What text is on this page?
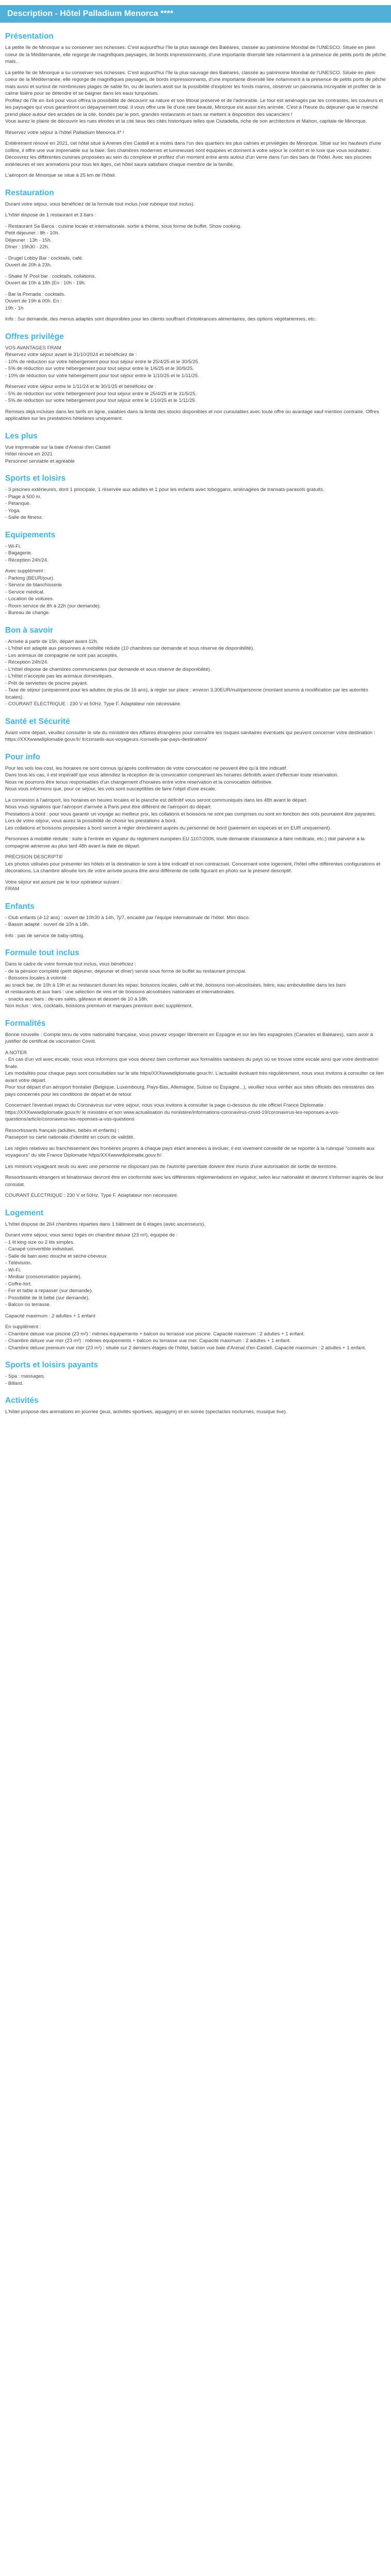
Description - Hôtel Palladium Menorca ****
Présentation

La petite île de Minorque a su conserver ses richesses. C'est aujourd'hui l'île la plus sauvage des Baléares, classée au patrimoine Mondial de l'UNESCO. Située en plein coeur de la Méditerranée, elle regorge de magnifiques paysages, de bords impressionnants, d'une importante diversité liée notamment à la présence de petits ports de pêche mais...

La petite île de Minorque a su conserver ses richesses. C'est aujourd'hui l'île la plus sauvage des Baléares, classée au patrimoine Mondial de l'UNESCO. Située en plein coeur de la Méditerranée, elle regorge de magnifiques paysages, de bords impressionnants, d'une importante diversité liée notamment à la présence de petits ports de pêche mais aussi et surtout de nombreuses plages de sable fin, ou de lauriers assit sur la possibilité d'explorer les fonds marins, observer un panorama incroyable et profiter de la calme lisière pour se détendre et se baigner dans les eaux turquoises.

Profitez de l'île en 4x4 pour vous offrira la possibilité de découvrir sa nature et son littoral préservé et de l'admirable. Le tour est aménagés par les contrastes, les couleurs et les paysages qui vous garantiront un dépaysement total. Il vous offre une île d'une rare beauté, Minorque est aussi très animée. C'est à l'heure du déjeuner que le marché prend place autour des arcades de la cité, bondés par le port, grandes restaurants et bars se mettent à disposition des vacanciers !

Vous aurez le plaisir de découvrir les rues étroites et la cité lieux des cités historiques telles que Ciutadella, riche de son architecture et Mahon, capitale de Minorque.

Réservez votre séjour à l'hôtel Palladium Menorca 4* !

Entièrement rénové en 2021, cet hôtel situé à Arenes d'en Castell et à moins dans l'un des quartiers les plus calmes et privilégiés de Minorque. Situé sur les hauteurs d'une colline, il offre une vue imprenable sur la baie. Ses chambres modernes et lumineuses sont équipées et donnent à votre séjour le confort et le luxe que vous souhaitez. Découvrez les différentes cuisines proposées au sein du complexe et profitez d'un moment entre amis autour d'un verre dans l'un des bars de l'hôtel. Avec ses piscines extérieures et ses animations pour tous les âges, cet hôtel saura satisfaire chaque membre de la famille.

L'aéroport de Minorque se situe à 25 km de l'hôtel.

Restauration

Durant votre séjour, vous bénéficiez de la formule tout inclus (voir rubrique tout inclus).

L'hôtel dispose de 1 restaurant et 3 bars :

- Restaurant Sa Barca : cuisine locale et internationale, sortie à thème, sous forme de buffet. Show cooking.

Petit déjeuner : 8h - 10h.

Déjeuner : 13h - 15h.

Dîner : 19h30 - 22h.

- Drugel Lobby Bar : cocktails, café.

Ouvert de 20h à 23h.

- Shake N' Pool bar : cocktails, collations.

Ouvert de 10h à 18h (En : 10h - 19h.

- Bar la Pomada : cocktails.

Ouvert de 19h à 00h. En :

19h - 1h

Info : Sur demande, des menus adaptés sont disponibles pour les clients souffrant d'intolérances alimentaires, des options végétariennes, etc.

Offres privilège

VOS AVANTAGES FRAM

Réservez votre séjour avant le 31/10/2024 et bénéficiez de :

- 10% de réduction sur votre hébergement pour tout séjour entre le 25/4/25 et le 30/5/25.

- 5% de réduction sur votre hébergement pour tout séjour entre le 1/6/25 et le 30/9/25.

- 10% de réduction sur votre hébergement pour tout séjour entre le 1/10/25 et le 1/11/25.

Réservez votre séjour entre le 1/11/24 et le 30/1/25 et bénéficiez de :

- 5% de réduction sur votre hébergement pour tout séjour entre le 25/4/25 et le 31/5/25.

- 5% de réduction sur votre hébergement pour tout séjour entre le 1/10/25 et le 1/11/25.

Remises déjà incluses dans les tarifs en ligne, valables dans la limite des stocks disponibles et non cumulables avec toute offre ou avantage sauf mention contraire. Offres applicables sur les prestations hôtelières uniquement.

Les plus

Vue imprenable sur la baie d'Arenal d'en Castell

Hôtel rénové en 2021

Personnel serviable et agréable

Sports et loisirs

- 3 piscines extérieures, dont 1 principale, 1 réservée aux adultes et 1 pour les enfants avec toboggans, aménagées de transats-parasols gratuits.

- Plage à 500 m.

- Pétanque.

- Yoga.

- Salle de fitness.

Equipements

- Wi-Fi.

- Bagagerie.

- Réception 24h/24.

Avec supplément :

- Parking (BEUR/jour).

- Service de blanchisserie.

- Service médical.

- Location de voitures.

- Room service de 8h à 22h (sur demande).

- Bureau de change.

Bon à savoir

- Arrivée à partir de 15h, départ avant 12h.

- L'hôtel est adapté aux personnes à mobilité réduite (10 chambres sur demande et sous réserve de disponibilité).

- Les animaux de compagnie ne sont pas acceptés.

- Réception 24h/24.

- L'hôtel dispose de chambres communicantes (sur demande et sous réserve de disponibilité).

- L'hôtel n'accepte pas les animaux domestiques.

- Prêt de serviettes de piscine payant.

- Taxe de séjour (uniquement pour les adultes de plus de 16 ans), à régler sur place : environ 3,30EUR/nuit/personne (montant soumis à modification par les autorités locales).

- COURANT ÉLECTRIQUE : 230 V et 50Hz. Type F. Adaptateur non nécessaire.

Santé et Sécurité

Avant votre départ, veuillez consulter le site du ministère des Affaires étrangères pour connaître les risques sanitaires éventuels qui peuvent concerner votre destination : https://XXXwwwdiplomatie.gouv.fr/ fr/conseils-aux-voyageurs /conseils-par-pays-destination/

Pour info

Pour les vols low-cost, les horaires ne sont connus qu'après confirmation de votre convocation ne peuvent être qu'à titre indicatif.

Dans tous les cas, il est impératif que vous attendiez la réception de la convocation comprenant les horaires définitifs avant d'effectuer toute réservation.

Nous ne pourrons être tenus responsables d'un changement d'horaires entre votre réservation et la convocation définitive.

Nous vous informons que, pour ce séjour, les vols sont susceptibles de faire l'objet d'une escale.

La connexion à l'aéroport, les horaires en heures locales et le planche est définitif vous seront communiqués dans les 48h avant le départ.

Nous vous signalons que l'aéroport d'arrivée à Paris peut être différent de l'aéroport du départ.

Prestations à bord : pour vous garantir un voyage au meilleur prix, les collations et boissons ne sont pas comprises ou sont en fonction des vols pourraient être payantes. Lors de votre séjour, vous aurez la possibilité de choisir les prestations à bord.

Les collations et boissons proposées à bord seront à régler directement auprès du personnel de bord (paiement en espèces et en EUR uniquement).

Personnes à mobilité réduite : suite à l'entrée en vigueur du règlement européen EU 1107/2006, toute demande d'assistance à faire médicale, etc.) doit parvenir à la compagnie aérienne au plus tard 48h avant la date de départ.

PRÉCISION DESCRIPTIF

Les photos utilisées pour présenter les hôtels et la destination le sont à titre indicatif et non contractuel. Concernant votre logement, l'hôtel offre différentes configurations et décorations. La chambre allouée lors de votre arrivée pourra être ainsi différente de celle figurant en photo sur le présent descriptif.

Votre séjour est assuré par le tour opérateur suivant :

FRAM

Enfants

- Club enfants (4-12 ans) : ouvert de 10h30 à 14h, 7j/7, encadré par l'équipe internationale de l'hôtel. Mini disco.

- Bassin adapté : ouvert de 10h à 18h.

Info : pas de service de baby-sitting.

Formule tout inclus

Dans le cadre de votre formule tout inclus, vous bénéficiez :

- de la pension complète (petit déjeuner, déjeuner et dîner) servie sous forme de buffet au restaurant principal.

- Boissons locales à volonté :

au snack bar, de 10h à 19h et au restaurant durant les repas: boissons locales, café et thé, boissons non-alcoolisées, bière, eau embouteillée dans les bars

et restaurants et aux bars : une sélection de vins et de boissons alcoolisées nationales et internationales.

- snacks aux bars : de-ces salés, gâteaux et dessert de 10 à 18h.

Non inclus : vins, cocktails, boissons premium et marques premium avec supplément.

Formalités

Bonne nouvelle : Compte tenu de votre nationalité française, vous pouvez voyager librement en Espagne et sur les îles espagnoles (Canaries et Baléares), sans avoir à justifier de certificat de vaccination Covid.

A NOTER

- En cas d'un vol avec escale, nous vous informons que vous devrez bien conformer aux formalités sanitaires du pays où se trouve votre escale ainsi que votre destination finale.

Les modalités pour chaque pays sont consultables sur le site https/XXXwwwdiplomatie.gouv.fr/. L'actualité évoluant très régulièrement, nous vous invitons à consulter ce lien avant votre départ.

Pour tout départ d'un aéroport frontalier (Belgique, Luxembourg, Pays-Bas, Allemagne, Suisse ou Espagne...), veuillez nous vérifier aux sites officiels des ministères des pays concernés pour les conditions de départ et de retour.

Concernant l'éventuel impact du Coronavirus sur votre séjour, nous vous invitons à consulter la page ci-dessous du site officiel France Diplomatie :

https://XXXwwwdiplomatie.gouv.fr/ le ministère et son www.actualisation du ministère/informations-coronavirus-covid-19/coronavirus-les-reponses-a-vos-questions/article/coronavirus-les-reponses-a-vos-questions

Ressortissants français (adultes, bébés et enfants) :

Passeport ou carte nationale d'identité en cours de validité.

Les règles relatives au franchissement des frontières propres à chaque pays étant amenées à évoluer, il est vivement conseillé de se reporter à la rubrique "conseils aux voyageurs" du site France Diplomatie https/XXXwwwdiplomatie.gouv.fr/.

Les mineurs voyageant seuls ou avec une personne ne disposant pas de l'autorité parentale doivent être munis d'une autorisation de sortie de territoire.

Ressortissants étrangers et binationaux devront être en conformité avec les différentes réglementations en vigueur, selon leur nationalité et devront s'informer auprès de leur consulat.

COURANT ÉLECTRIQUE : 230 V et 50Hz. Type F. Adaptateur non nécessaire.

Logement

L'hôtel dispose de 264 chambres réparties dans 1 bâtiment de 6 étages (avec ascenseurs).

Durant votre séjour, vous serez logés en chambre deluxe (23 m²), équipée de :

- 1 lit king size ou 2 lits simples.

- Canapé convertible individuel.

- Salle de bain avec douche et sèche-cheveux.

- Télévision.

- Wi-Fi.

- Minibar (consommation payante).

- Coffre-fort.

- Fer et table à repasser (sur demande).

- Possibilité de lit bébé (sur demande).

- Balcon ou terrasse.

Capacité maximum : 2 adultes + 1 enfant

En supplément :

- Chambre deluxe vue piscine (23 m²) : mêmes équipements + balcon ou terrasse vue piscine. Capacité maximum : 2 adultes + 1 enfant.

- Chambre deluxe vue mer (23 m²) : mêmes équipements + balcon ou terrasse vue mer. Capacité maximum : 2 adultes + 1 enfant.

- Chambre deluxe premium vue mer (23 m²) : située sur 2 derniers étages de l'hôtel, balcon vue baie d'Arenal d'en Castell. Capacité maximum : 2 adultes + 1 enfant.

Sports et loisirs payants

- Spa : massages.

- Billard.

Activités

L'hôtel propose des animations en journée (jeux, activités sportives, aquagym) et en soirée (spectacles nocturnes, musique live).
